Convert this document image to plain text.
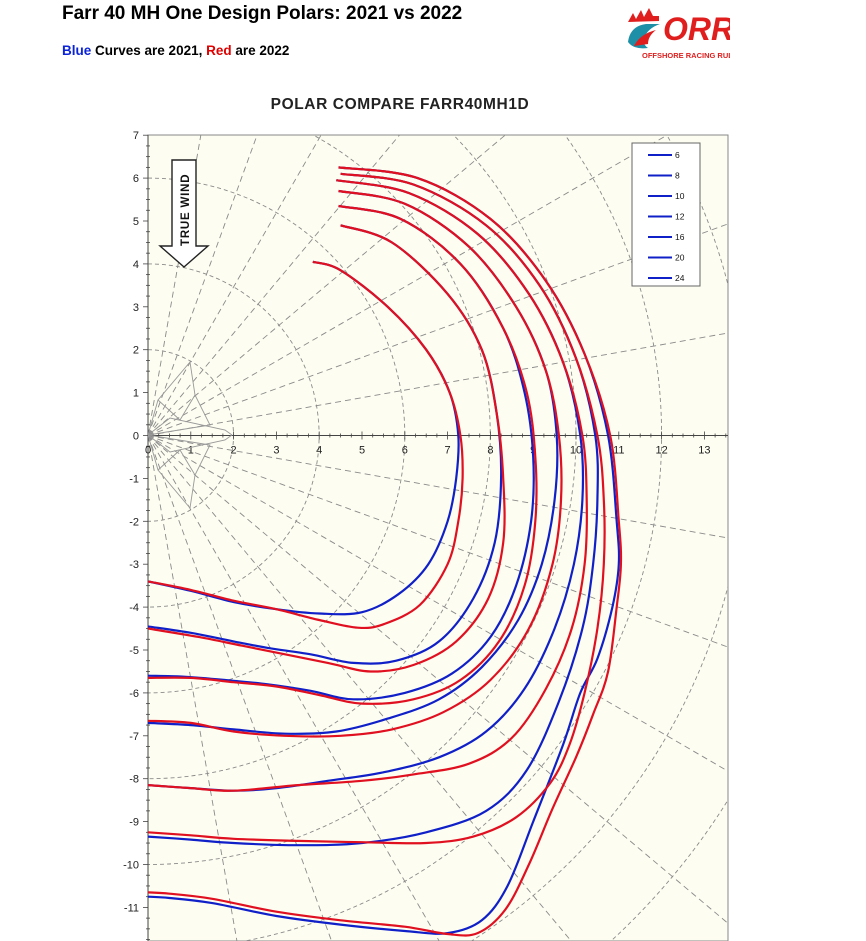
Farr 40 MH One Design Polars: 2021 vs 2022
Blue Curves are 2021, Red are 2022
ORR
OFFSHORE RACING RULE
POLAR COMPARE FARR40MH1D
0	1	2	3	4	5	6	7	8	9	10	11	12	13
7
6
5
4
3
2
1
0
-1
-2
-3
-4
-5
-6
-7
-8
-9
-10
-11
TRUE WIND
6
8
10
12
16
20
24
